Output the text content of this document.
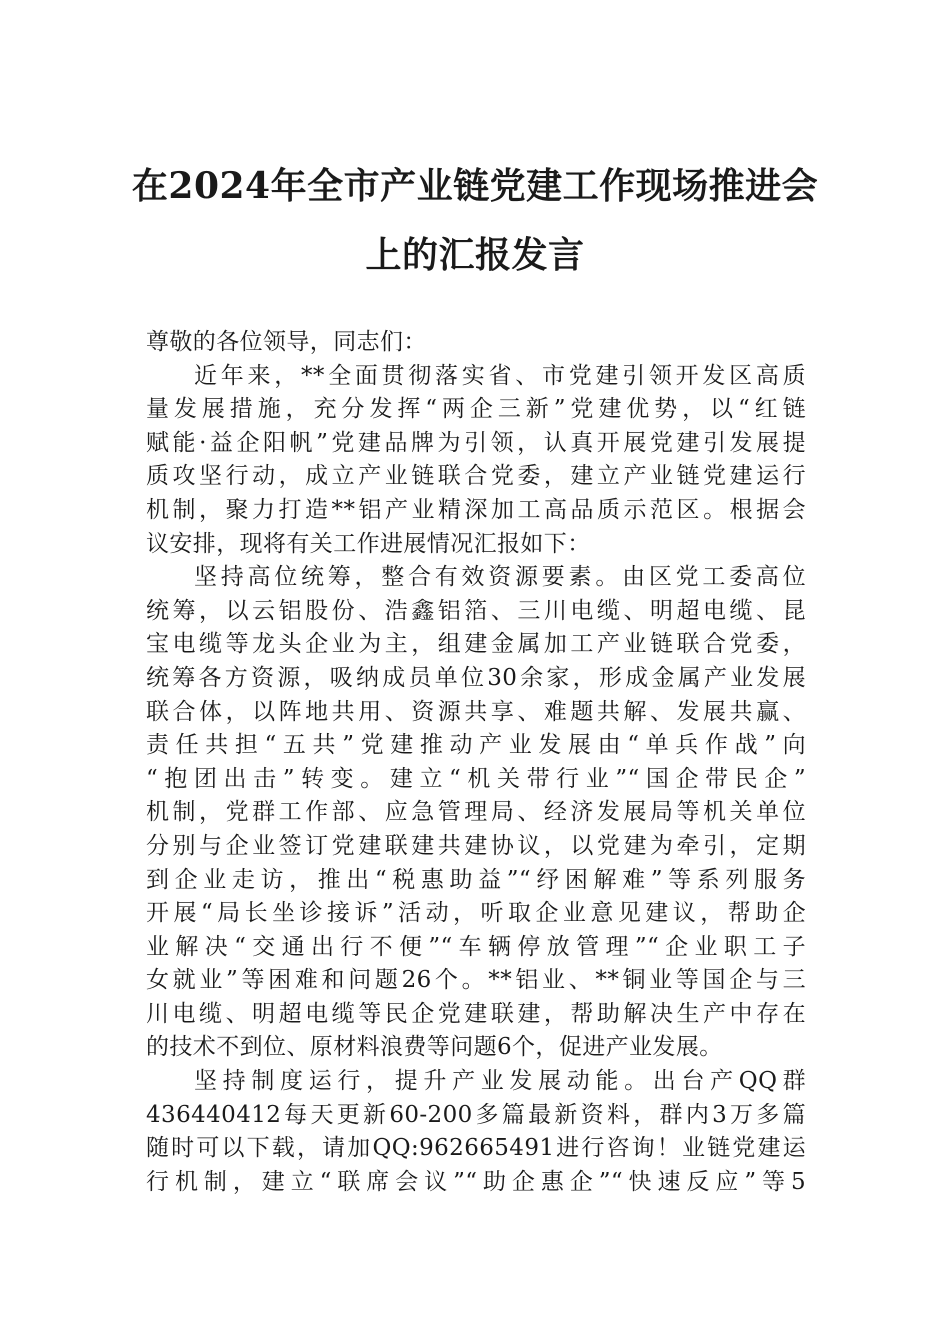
在2024年全市产业链党建工作现场推进会
上的汇报发言
尊敬的各位领导，同志们：
近年来，**全面贯彻落实省、市党建引领开发区高质
量发展措施，充分发挥“两企三新”党建优势，以“红链
赋能·益企阳帆”党建品牌为引领，认真开展党建引发展提
质攻坚行动，成立产业链联合党委，建立产业链党建运行
机制，聚力打造**铝产业精深加工高品质示范区。根据会
议安排，现将有关工作进展情况汇报如下：
坚持高位统筹，整合有效资源要素。由区党工委高位
统筹，以云铝股份、浩鑫铝箔、三川电缆、明超电缆、昆
宝电缆等龙头企业为主，组建金属加工产业链联合党委，
统筹各方资源，吸纳成员单位30余家，形成金属产业发展
联合体，以阵地共用、资源共享、难题共解、发展共赢、
责任共担“五共”党建推动产业发展由“单兵作战”向
“抱团出击”转变。建立“机关带行业”“国企带民企”
机制，党群工作部、应急管理局、经济发展局等机关单位
分别与企业签订党建联建共建协议，以党建为牵引，定期
到企业走访，推出“税惠助益”“纾困解难”等系列服务
开展“局长坐诊接诉”活动，听取企业意见建议，帮助企
业解决“交通出行不便”“车辆停放管理”“企业职工子
女就业”等困难和问题26个。**铝业、**铜业等国企与三
川电缆、明超电缆等民企党建联建，帮助解决生产中存在
的技术不到位、原材料浪费等问题6个，促进产业发展。
坚持制度运行，提升产业发展动能。出台产QQ群
436440412每天更新60-200多篇最新资料，群内3万多篇
随时可以下载，请加QQ:962665491进行咨询！业链党建运
行机制，建立“联席会议”“助企惠企”“快速反应”等5
